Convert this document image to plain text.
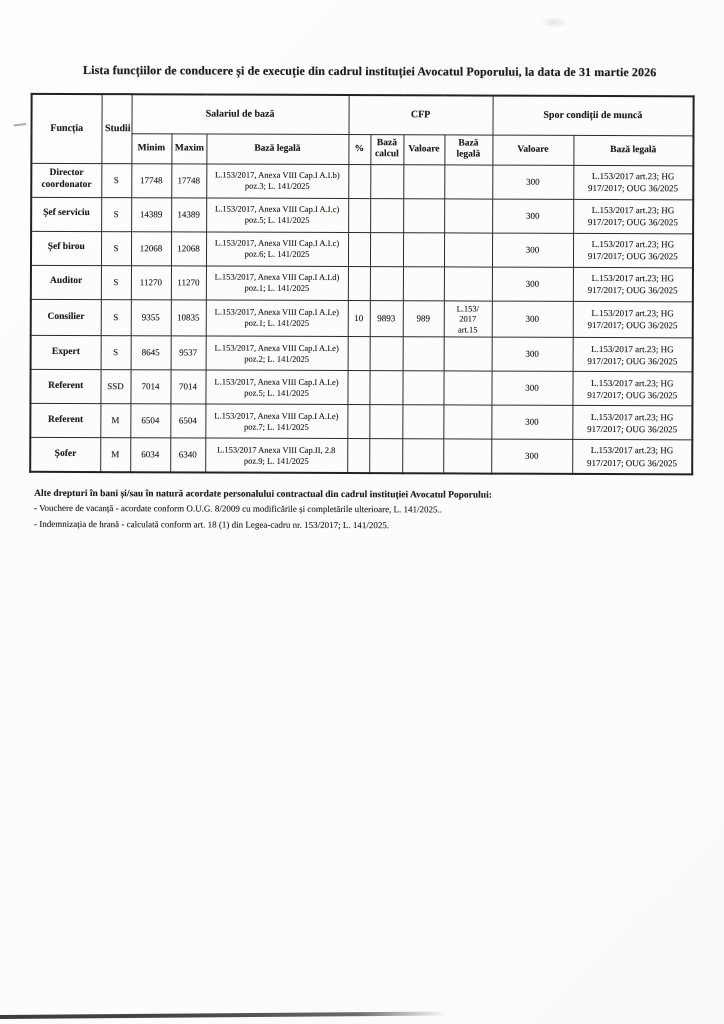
Lista funcțiilor de conducere și de execuție din cadrul instituției Avocatul Poporului, la data de 31 martie 2026
Funcția	Studii	Salariul de bază			CFP				Spor condiții de muncă	
		Minim	Maxim	Bază legală	%	Bază calcul	Valoare	Bază legală	Valoare	Bază legală
Director coordonator	S	17748	17748	L.153/2017, Anexa VIII Cap.I A.I.b) poz.3; L. 141/2025					300	L.153/2017 art.23; HG 917/2017; OUG 36/2025
Șef serviciu	S	14389	14389	L.153/2017, Anexa VIII Cap.I A.I.c) poz.5; L. 141/2025					300	L.153/2017 art.23; HG 917/2017; OUG 36/2025
Șef birou	S	12068	12068	L.153/2017, Anexa VIII Cap.I A.I.c) poz.6; L. 141/2025					300	L.153/2017 art.23; HG 917/2017; OUG 36/2025
Auditor	S	11270	11270	L.153/2017, Anexa VIII Cap.I A.I.d) poz.1; L. 141/2025					300	L.153/2017 art.23; HG 917/2017; OUG 36/2025
Consilier	S	9355	10835	L.153/2017, Anexa VIII Cap.I A.I.e) poz.1; L. 141/2025	10	9893	989	L.153/
2017
art.15	300	L.153/2017 art.23; HG 917/2017; OUG 36/2025
Expert	S	8645	9537	L.153/2017, Anexa VIII Cap.I A.I.e) poz.2; L. 141/2025					300	L.153/2017 art.23; HG 917/2017; OUG 36/2025
Referent	SSD	7014	7014	L.153/2017, Anexa VIII Cap.I A.I.e) poz.5; L. 141/2025					300	L.153/2017 art.23; HG 917/2017; OUG 36/2025
Referent	M	6504	6504	L.153/2017, Anexa VIII Cap.I A.I.e) poz.7; L. 141/2025					300	L.153/2017 art.23; HG 917/2017; OUG 36/2025
Șofer	M	6034	6340	L.153/2017 Anexa VIII Cap.II, 2.8 poz.9; L. 141/2025					300	L.153/2017 art.23; HG 917/2017; OUG 36/2025
Alte drepturi în bani și/sau în natură acordate personalului contractual din cadrul instituției Avocatul Poporului:
- Vouchere de vacanță - acordate conform O.U.G. 8/2009 cu modificările și completările ulterioare, L. 141/2025..
- Indemnizația de hrană - calculată conform art. 18 (1) din Legea-cadru nr. 153/2017; L. 141/2025.
